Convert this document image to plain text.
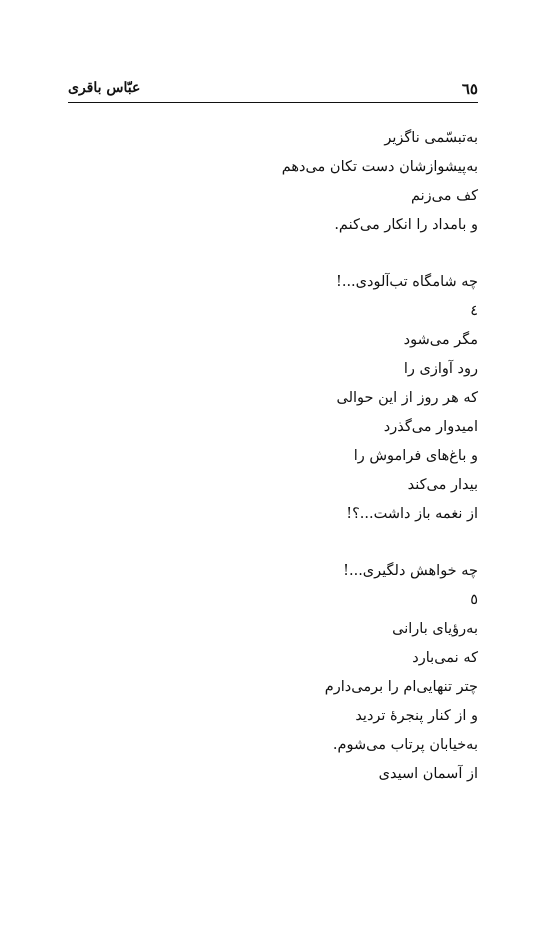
٦٥
عبّاس باقری
به‌تبسّمی ناگزیر
به‌پیشوازشان دست تکان می‌دهم
کف می‌زنم
و بامداد را انکار می‌کنم.
چه شامگاه تب‌آلودی...!
٤
مگر می‌شود
رود آوازی را
که هر روز از این حوالی
امیدوار می‌گذرد
و باغ‌های فراموش را
بیدار می‌کند
از نغمه باز داشت...؟!
چه خواهش دلگیری...!
٥
به‌رؤیای بارانی
که نمی‌بارد
چتر تنهایی‌ام را برمی‌دارم
و از کنار پنجرهٔ تردید
به‌خیابان پرتاب می‌شوم.
از آسمان اسیدی
